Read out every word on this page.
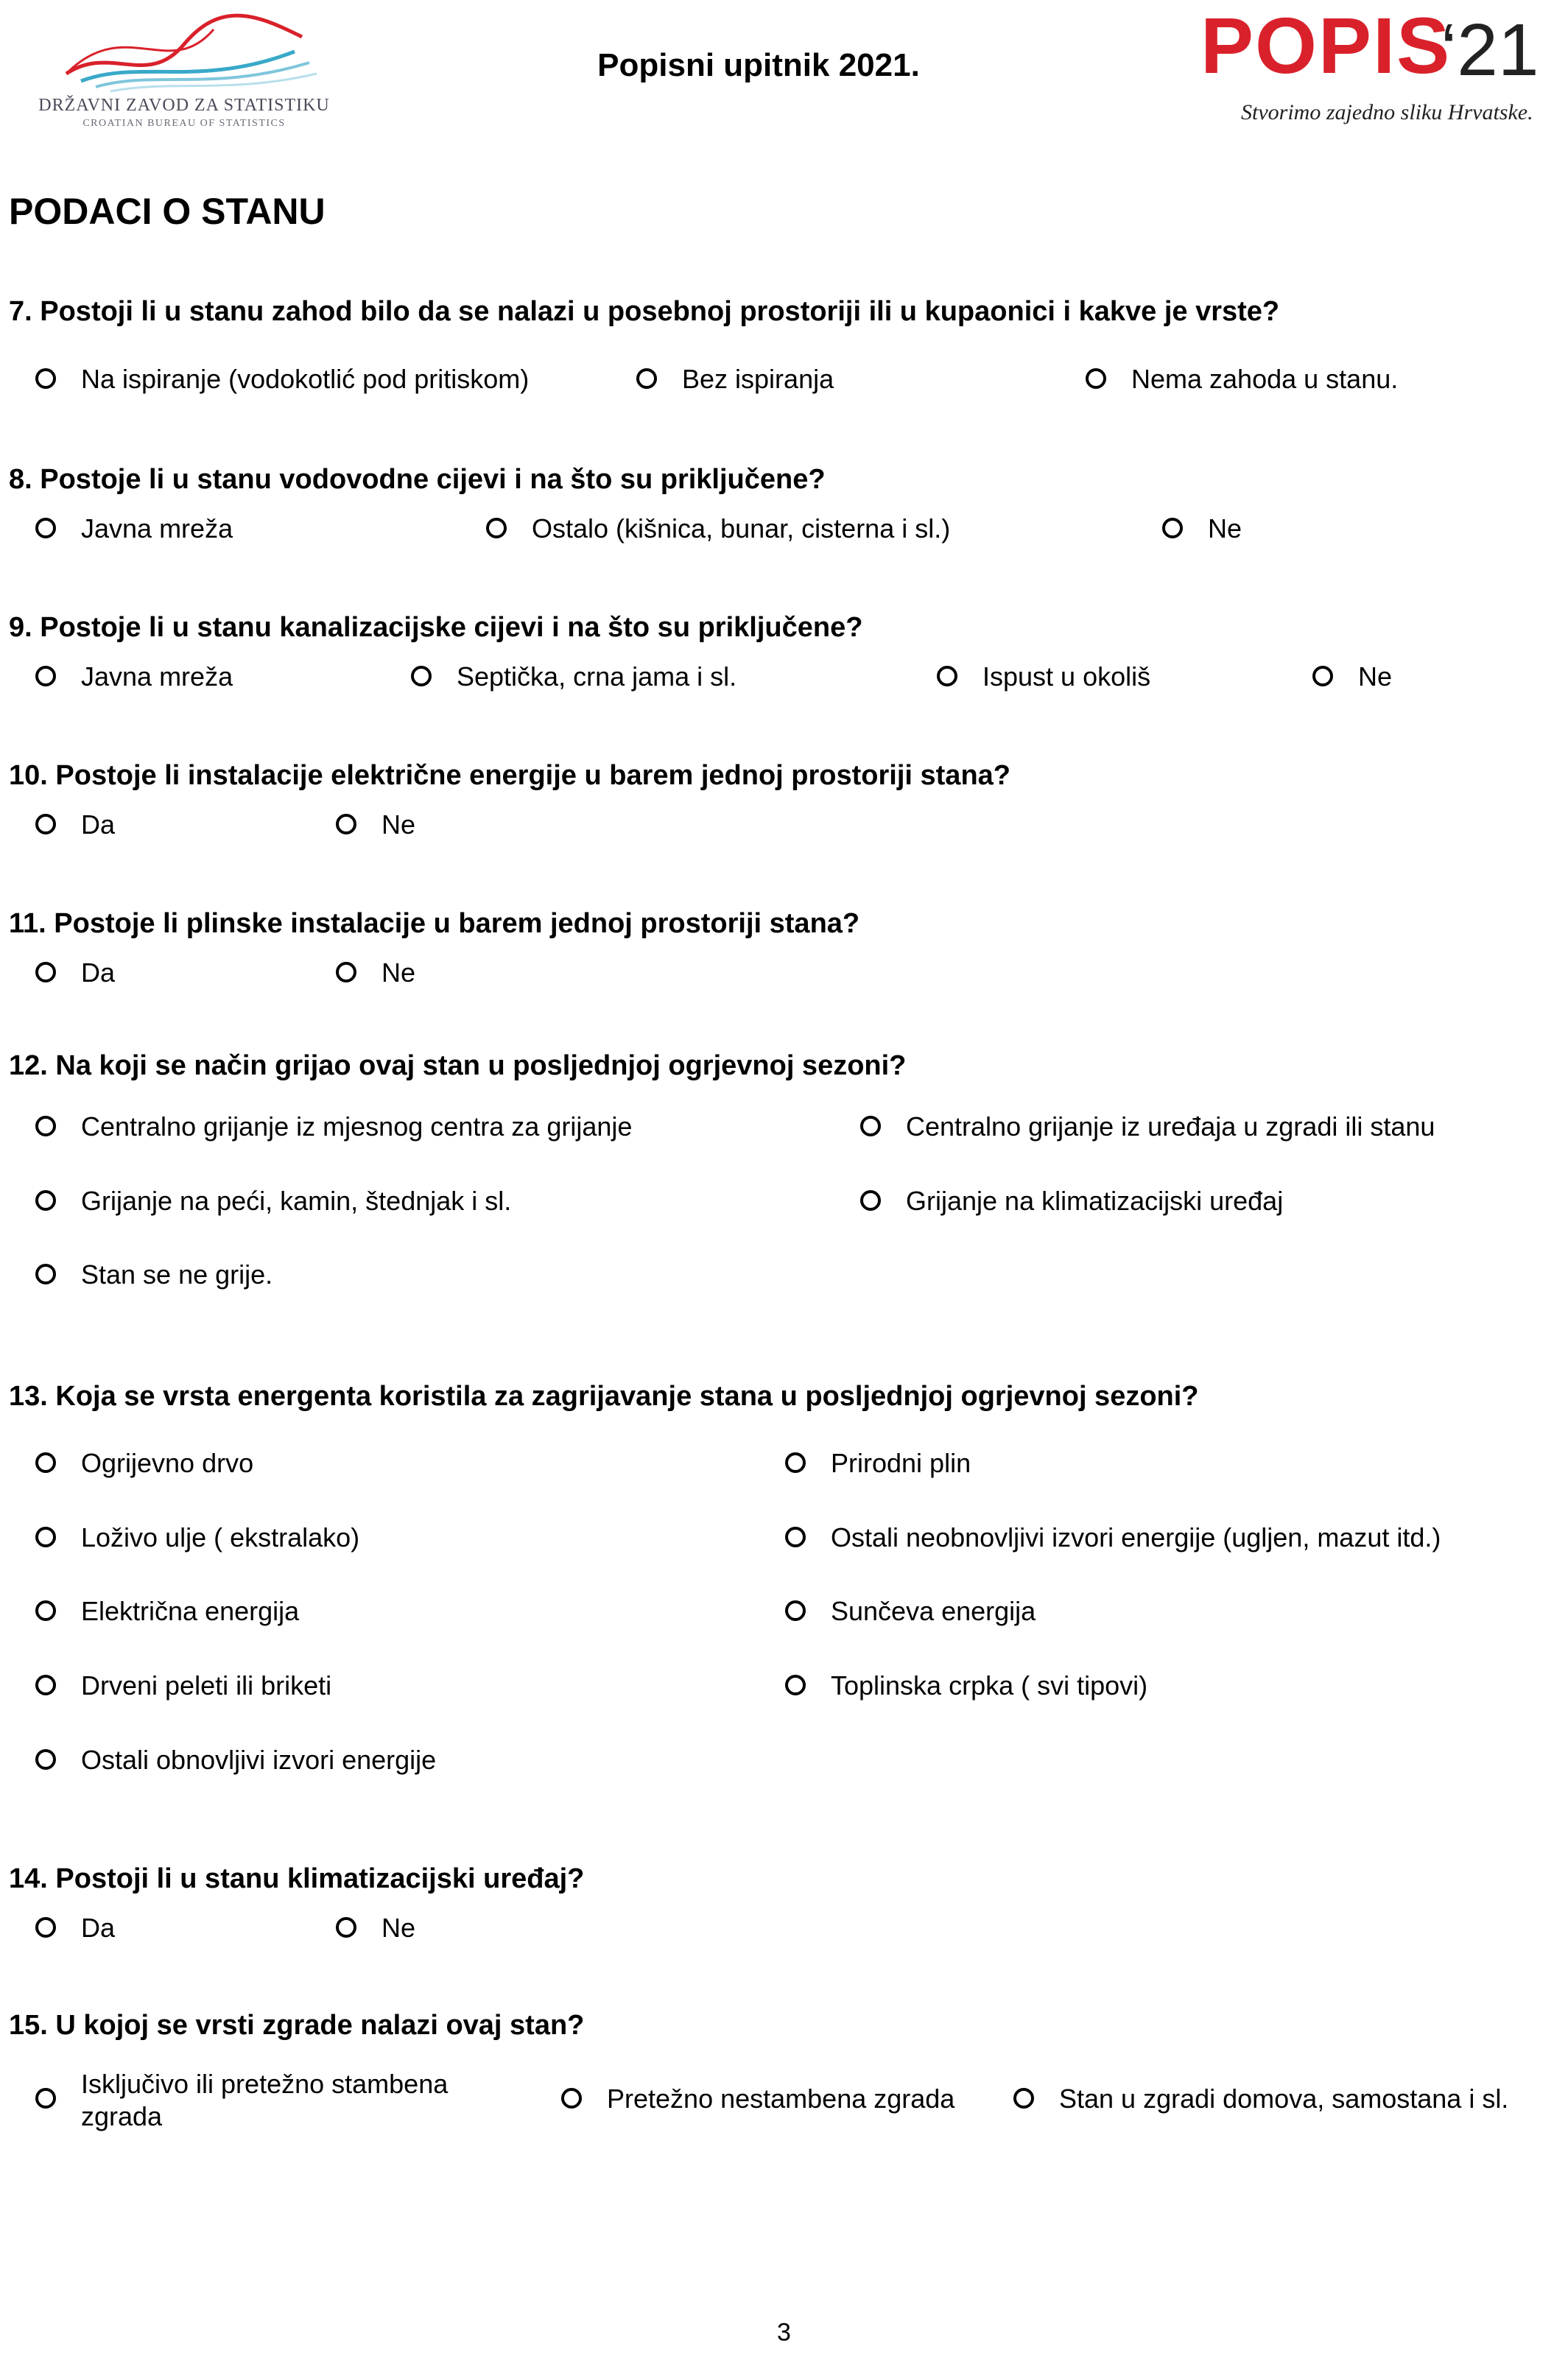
DRŽAVNI ZAVOD ZA STATISTIKU
CROATIAN BUREAU OF STATISTICS
Popisni upitnik 2021.	POPIS
‘21
Stvorimo zajedno sliku Hrvatske.
PODACI O STANU
7. Postoji li u stanu zahod bilo da se nalazi u posebnoj prostoriji ili u kupaonici i kakve je vrste?
Na ispiranje (vodokotlić pod pritiskom)	Bez ispiranja	Nema zahoda u stanu.
8. Postoje li u stanu vodovodne cijevi i na što su priključene?
Javna mreža	Ostalo (kišnica, bunar, cisterna i sl.)	Ne
9. Postoje li u stanu kanalizacijske cijevi i na što su priključene?
Javna mreža	Septička, crna jama i sl.	Ispust u okoliš	Ne
10. Postoje li instalacije električne energije u barem jednoj prostoriji stana?
Da	Ne
11. Postoje li plinske instalacije u barem jednoj prostoriji stana?
Da	Ne
12. Na koji se način grijao ovaj stan u posljednjoj ogrjevnoj sezoni?
Centralno grijanje iz mjesnog centra za grijanje	Centralno grijanje iz uređaja u zgradi ili stanu
Grijanje na peći, kamin, štednjak i sl.	Grijanje na klimatizacijski uređaj
Stan se ne grije.
13. Koja se vrsta energenta koristila za zagrijavanje stana u posljednjoj ogrjevnoj sezoni?
Ogrijevno drvo	Prirodni plin
Loživo ulje ( ekstralako)	Ostali neobnovljivi izvori energije (ugljen, mazut itd.)
Električna energija	Sunčeva energija
Drveni peleti ili briketi	Toplinska crpka ( svi tipovi)
Ostali obnovljivi izvori energije
14. Postoji li u stanu klimatizacijski uređaj?
Da	Ne
15. U kojoj se vrsti zgrade nalazi ovaj stan?
Isključivo ili pretežno stambena zgrada
Pretežno nestambena zgrada	Stan u zgradi domova, samostana i sl.
3
